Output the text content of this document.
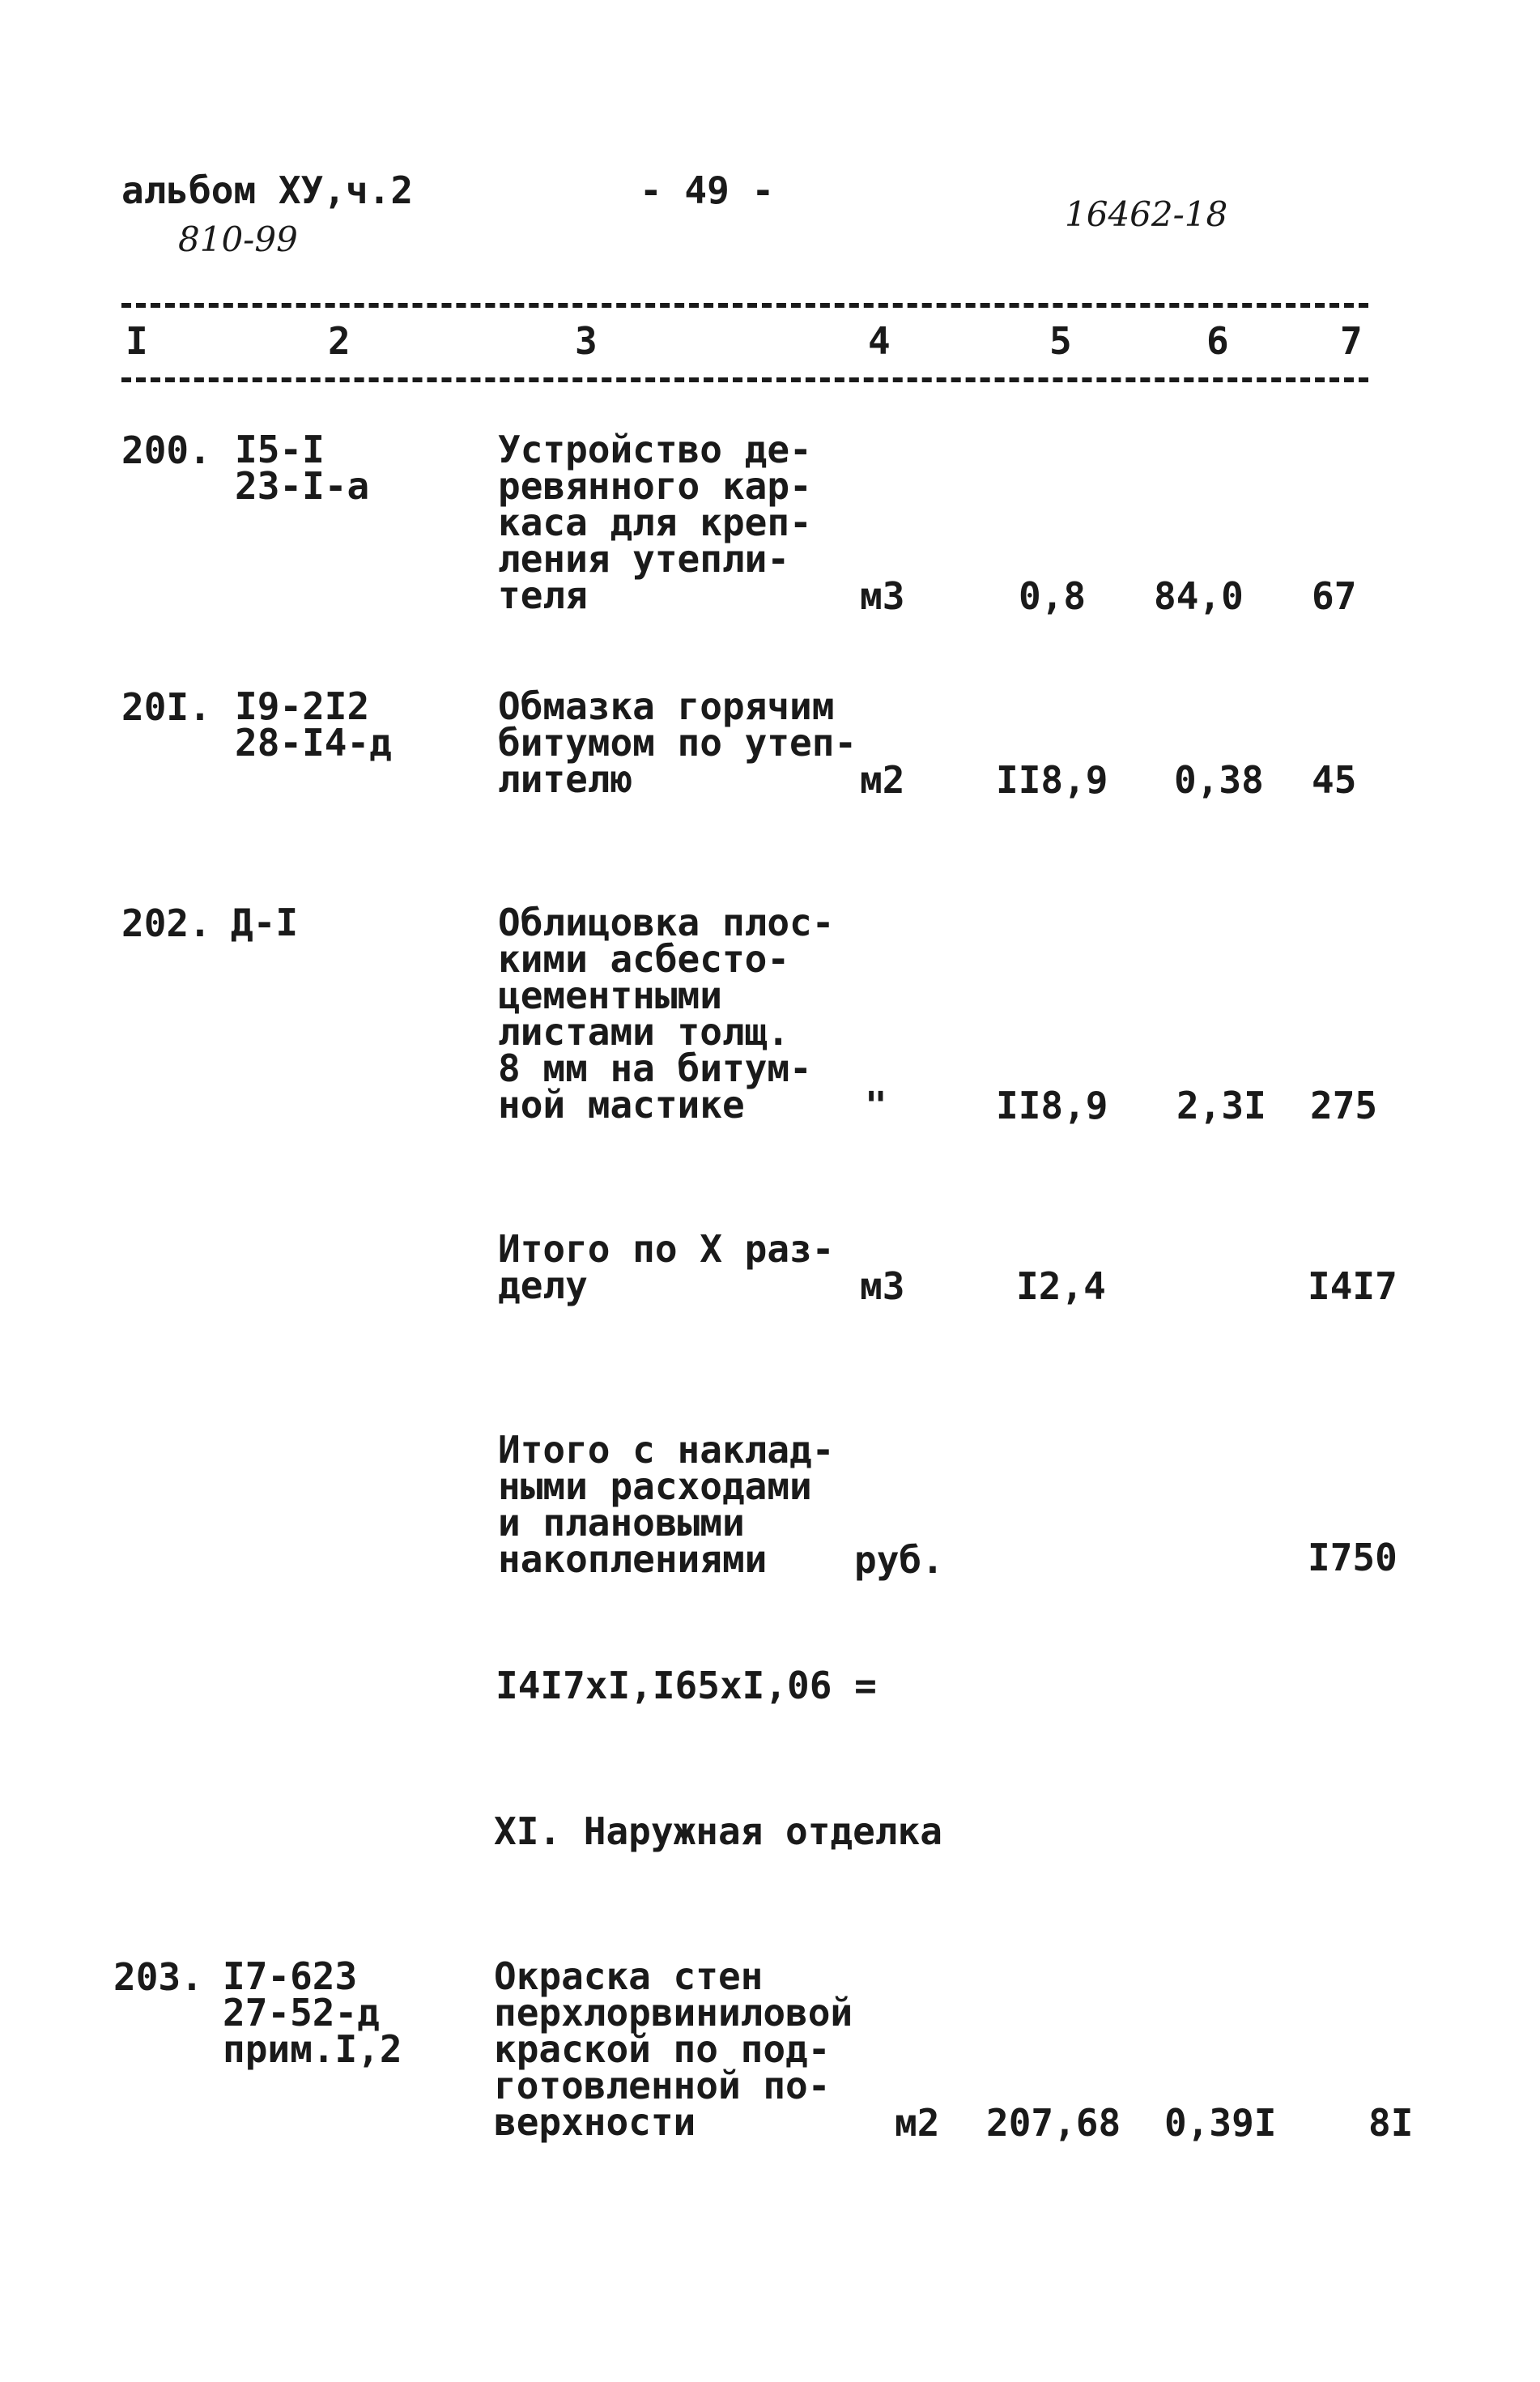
альбом ХУ,ч.2
810-99
- 49 -
16462-18
I	2	3	4	5	6	7
200. I5-I
23-I-а
Устройство де-
ревянного кар-
каса для креп-
ления утепли-
теля	м3	0,8 84,0 67
20I. I9-2I2
28-I4-д
Обмазка горячим
битумом по утеп-
лителю	м2 II8,9 0,38 45
202. Д-I	Облицовка плос-
кими асбесто-
цементными
листами толщ.
8 мм на битум-
ной мастике	"	II8,9 2,3I 275
Итого по X раз-
делу	м3	I2,4	I4I7
Итого с наклад-
ными расходами
и плановыми
накоплениями	руб.	I750
I4I7xI,I65xI,06 =
XI. Наружная отделка
203. I7-623
27-52-д
прим.I,2
Окраска стен
перхлорвиниловой
краской по под-
готовленной по-
верхности	м2 207,68 0,39I 8I
